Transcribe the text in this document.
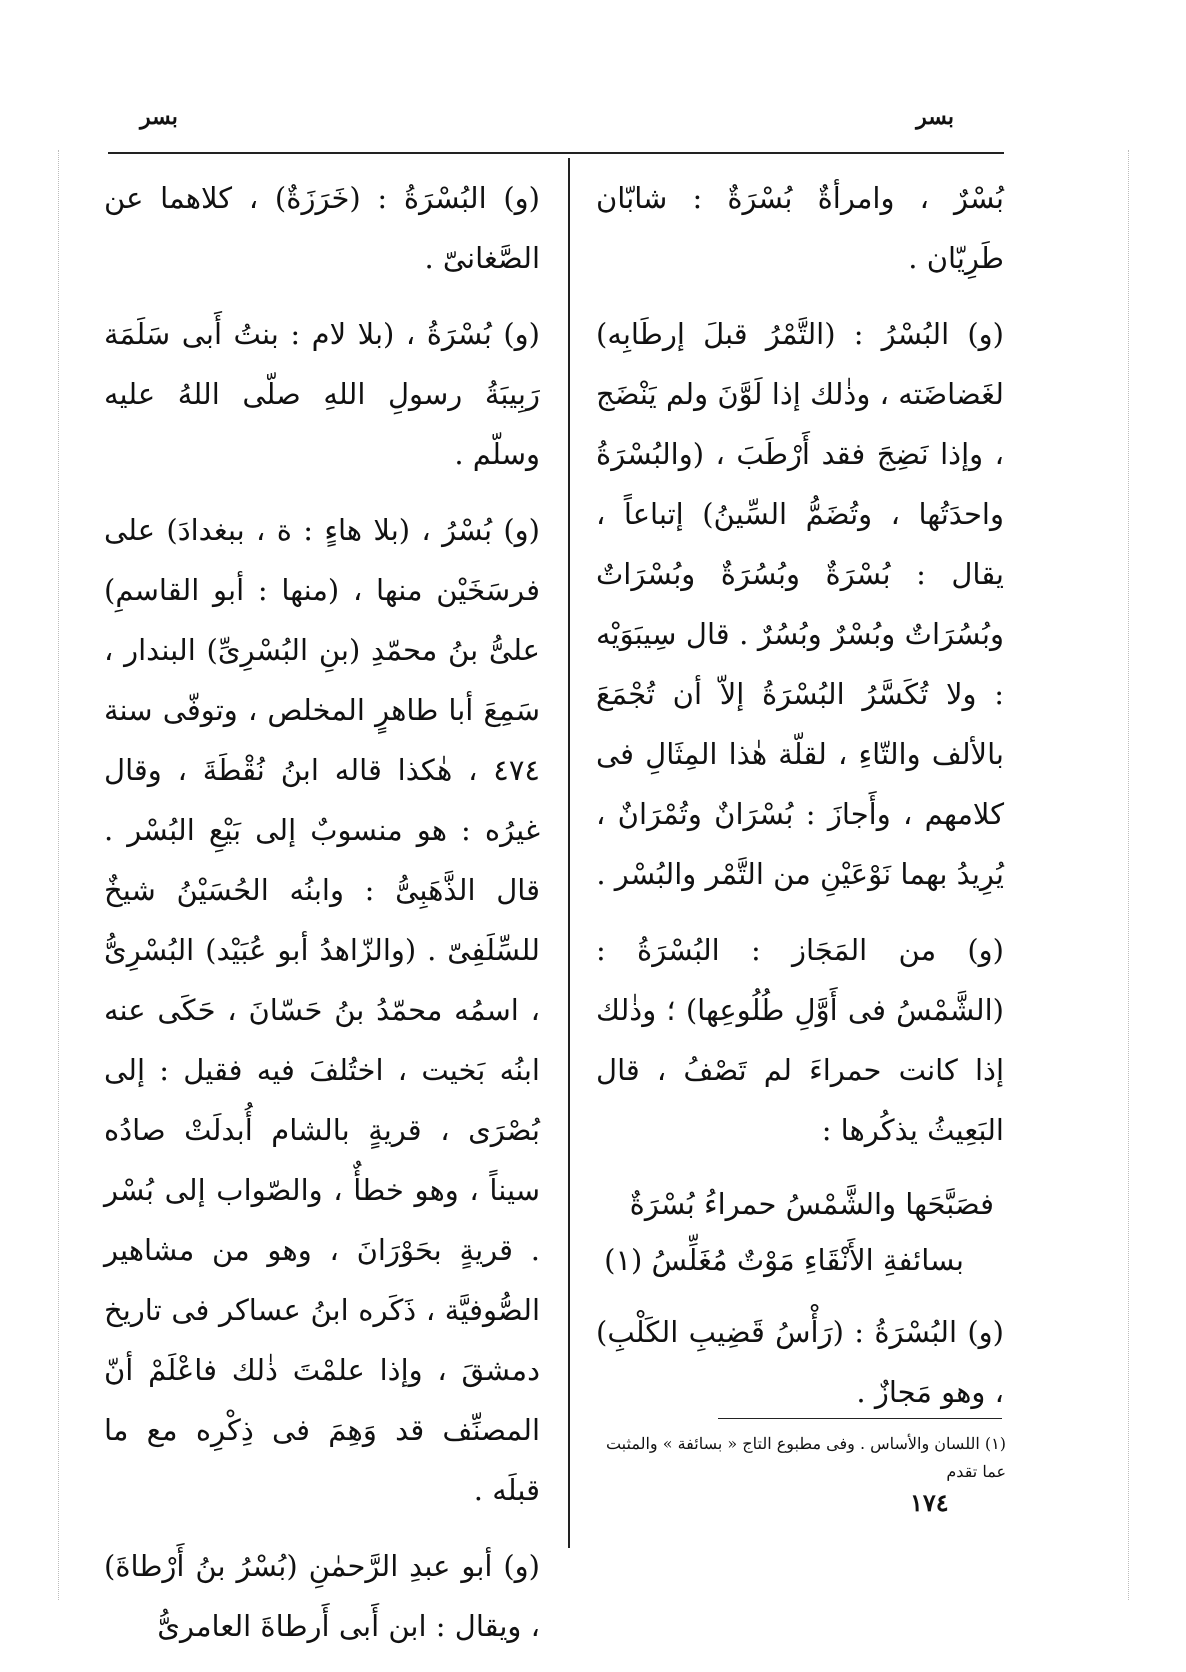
بسر
بسر

بُسْرٌ ، وامرأةٌ بُسْرَةٌ : شابّان طَرِيّان .

(و) البُسْرُ : (التَّمْرُ قبلَ إرطَابِه) لغَضاضَته ، وذٰلك إذا لَوَّنَ ولم يَنْضَج ، وإذا نَضِجَ فقد أَرْطَبَ ، (والبُسْرَةُ واحدَتُها ، وتُضَمُّ السِّينُ) إتباعاً ، يقال : بُسْرَةٌ وبُسُرَةٌ وبُسْرَاتٌ وبُسُرَاتٌ وبُسْرٌ وبُسُرٌ . قال سِيبَوَيْه : ولا تُكَسَّرُ البُسْرَةُ إلاّ أن تُجْمَعَ بالألف والتّاءِ ، لقلّة هٰذا المِثَالِ فى كلامهم ، وأَجازَ : بُسْرَانٌ وتُمْرَانٌ ، يُرِيدُ بهما نَوْعَيْنِ من التَّمْر والبُسْر .

(و) من المَجَاز : البُسْرَةُ : (الشَّمْسُ فى أَوَّلِ طُلُوعِها) ؛ وذٰلك إذا كانت حمراءَ لم تَصْفُ ، قال البَعِيثُ يذكُرها :

فصَبَّحَها والشَّمْسُ حمراءُ بُسْرَةٌ
بسائفةِ الأَنْقَاءِ مَوْتٌ مُغَلِّسُ (١)

(و) البُسْرَةُ : (رَأْسُ قَضِيبِ الكَلْبِ) ، وهو مَجازٌ .

(و) البُسْرَةُ : (خَرَزَةٌ) ، كلاهما عن الصَّغانىّ .

(و) بُسْرَةُ ، (بلا لام : بنتُ أَبى سَلَمَة رَبِيبَةُ رسولِ اللهِ صلّى اللهُ عليه وسلّم .

(و) بُسْرُ ، (بلا هاءٍ : ة ، ببغدادَ) على فرسَخَيْن منها ، (منها : أبو القاسمِ) علىُّ بنُ محمّدِ (بنِ البُسْرِىِّ) البندار ، سَمِعَ أبا طاهرٍ المخلص ، وتوفّى سنة ٤٧٤ ، هٰكذا قاله ابنُ نُقْطَةَ ، وقال غيرُه : هو منسوبٌ إلى بَيْعِ البُسْر . قال الذَّهَبِىُّ : وابنُه الحُسَيْنُ شيخٌ للسِّلَفِىّ . (والزّاهدُ أبو عُبَيْد) البُسْرِىُّ ، اسمُه محمّدُ بنُ حَسّانَ ، حَكَى عنه ابنُه بَخيت ، اختُلفَ فيه فقيل : إلى بُصْرَى ، قريةٍ بالشام أُبدلَتْ صادُه سيناً ، وهو خطأٌ ، والصّواب إلى بُسْر . قريةٍ بحَوْرَانَ ، وهو من مشاهير الصُّوفيَّة ، ذَكَره ابنُ عساكر فى تاريخ دمشقَ ، وإذا علمْتَ ذٰلك فاعْلَمْ أنّ المصنِّف قد وَهِمَ فى ذِكْرِه مع ما قبلَه .

(و) أبو عبدِ الرَّحمٰنِ (بُسْرُ بنُ أَرْطاةَ) ، ويقال : ابن أَبى أَرطاةَ العامرىُّ

(١) اللسان والأساس . وفى مطبوع التاج « بسائفة » والمثبت عما تقدم
١٧٤
